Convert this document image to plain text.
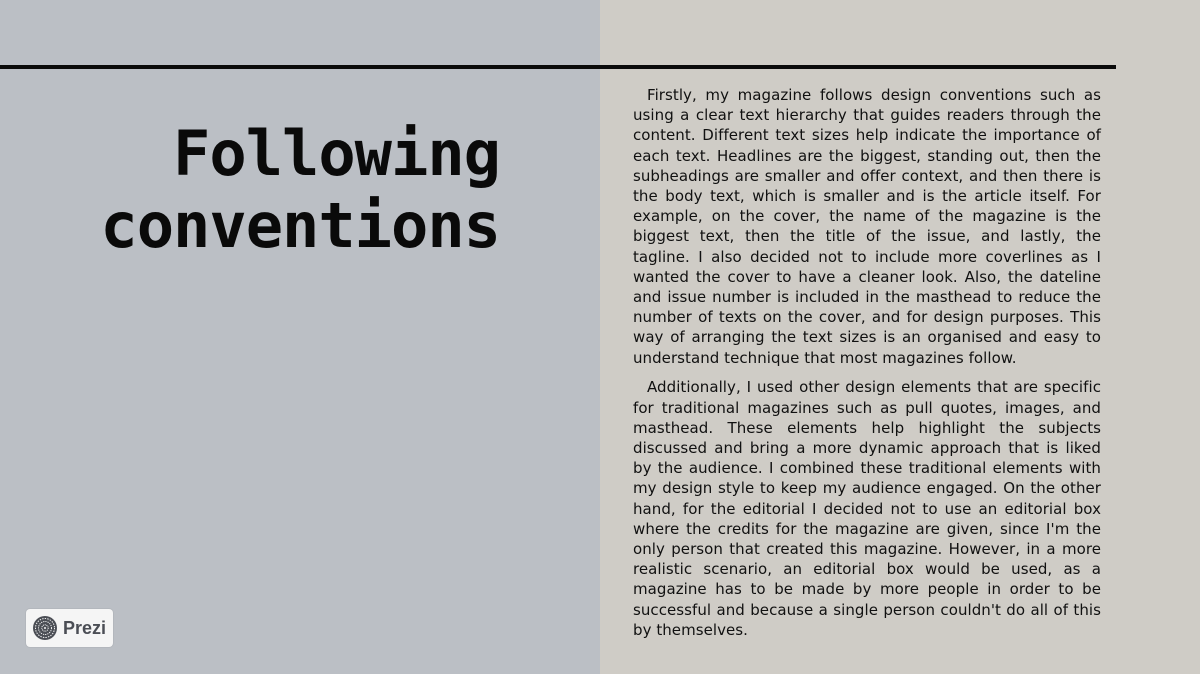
Following
conventions

Firstly, my magazine follows design conventions such as using a clear text hierarchy that guides readers through the content. Different text sizes help indicate the importance of each text. Headlines are the biggest, standing out, then the subheadings are smaller and offer context, and then there is the body text, which is smaller and is the article itself. For example, on the cover, the name of the magazine is the biggest text, then the title of the issue, and lastly, the tagline. I also decided not to include more coverlines as I wanted the cover to have a cleaner look. Also, the dateline and issue number is included in the masthead to reduce the number of texts on the cover, and for design purposes. This way of arranging the text sizes is an organised and easy to understand technique that most magazines follow.

Additionally, I used other design elements that are specific for traditional magazines such as pull quotes, images, and masthead. These elements help highlight the subjects discussed and bring a more dynamic approach that is liked by the audience. I combined these traditional elements with my design style to keep my audience engaged. On the other hand, for the editorial I decided not to use an editorial box where the credits for the magazine are given, since I'm the only person that created this magazine. However, in a more realistic scenario, an editorial box would be used, as a magazine has to be made by more people in order to be successful and because a single person couldn't do all of this by themselves.

Prezi
